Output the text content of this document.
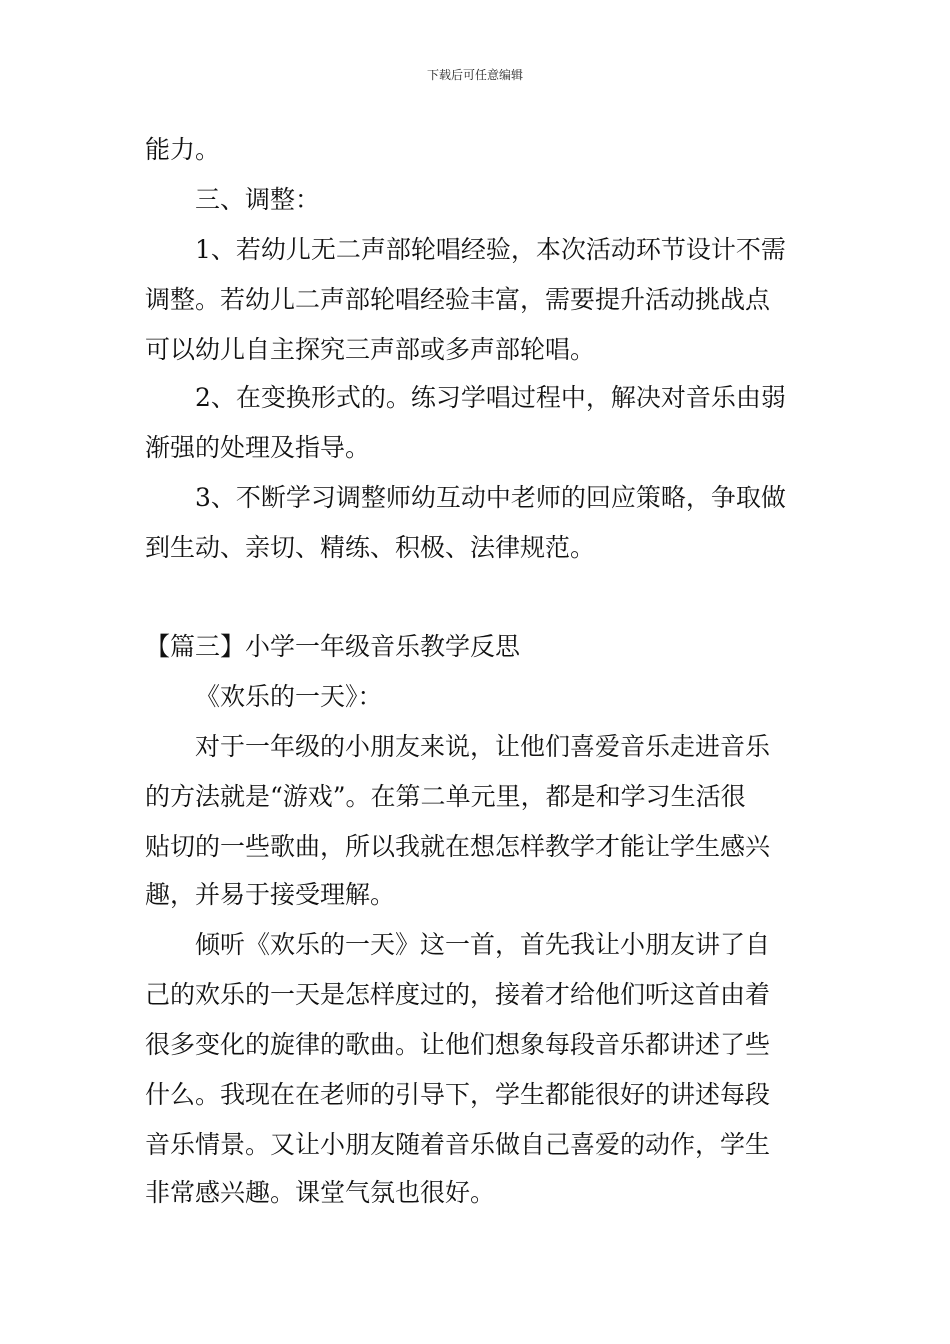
下载后可任意编辑
能力。
三、调整：
1、若幼儿无二声部轮唱经验，本次活动环节设计不需
调整。若幼儿二声部轮唱经验丰富，需要提升活动挑战点
可以幼儿自主探究三声部或多声部轮唱。
2、在变换形式的。练习学唱过程中，解决对音乐由弱
渐强的处理及指导。
3、不断学习调整师幼互动中老师的回应策略，争取做
到生动、亲切、精练、积极、法律规范。
【篇三】小学一年级音乐教学反思
《欢乐的一天》：
对于一年级的小朋友来说，让他们喜爱音乐走进音乐
的方法就是“游戏”。在第二单元里，都是和学习生活很
贴切的一些歌曲，所以我就在想怎样教学才能让学生感兴
趣，并易于接受理解。
倾听《欢乐的一天》这一首，首先我让小朋友讲了自
己的欢乐的一天是怎样度过的，接着才给他们听这首由着
很多变化的旋律的歌曲。让他们想象每段音乐都讲述了些
什么。我现在在老师的引导下，学生都能很好的讲述每段
音乐情景。又让小朋友随着音乐做自己喜爱的动作，学生
非常感兴趣。课堂气氛也很好。
